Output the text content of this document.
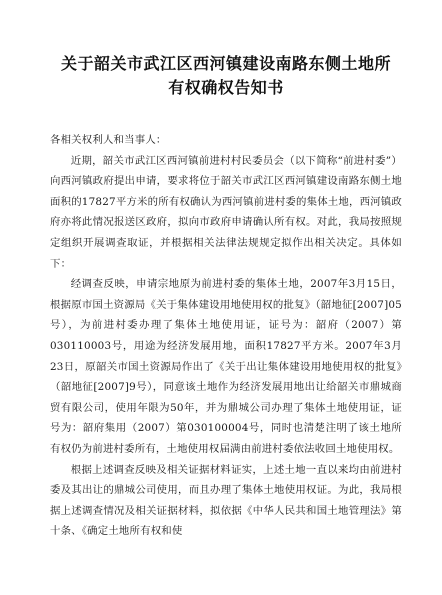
关于韶关市武江区西河镇建设南路东侧土地所
有权确权告知书

各相关权利人和当事人：

近期，韶关市武江区西河镇前进村村民委员会（以下简称“前进村委”）向西河镇政府提出申请，要求将位于韶关市武江区西河镇建设南路东侧土地面积的17827平方米的所有权确认为西河镇前进村委的集体土地，西河镇政府亦将此情况报送区政府，拟向市政府申请确认所有权。对此，我局按照规定组织开展调查取证，并根据相关法律法规规定拟作出相关决定。具体如下：

经调查反映，申请宗地原为前进村委的集体土地，2007年3月15日，根据原市国土资源局《关于集体建设用地使用权的批复》（韶地征[2007]05号），为前进村委办理了集体土地使用证，证号为：韶府（2007）第030110003号，用途为经济发展用地，面积17827平方米。2007年3月23日，原韶关市国土资源局作出了《关于出让集体建设用地使用权的批复》（韶地征[2007]9号），同意该土地作为经济发展用地出让给韶关市鼎城商贸有限公司，使用年限为50年，并为鼎城公司办理了集体土地使用证，证号为：韶府集用（2007）第030100004号，同时也清楚注明了该土地所有权仍为前进村委所有，土地使用权届满由前进村委依法收回土地使用权。

根据上述调查反映及相关证据材料证实，上述土地一直以来均由前进村委及其出让的鼎城公司使用，而且办理了集体土地使用权证。为此，我局根据上述调查情况及相关证据材料，拟依据《中华人民共和国土地管理法》第十条、《确定土地所有权和使
